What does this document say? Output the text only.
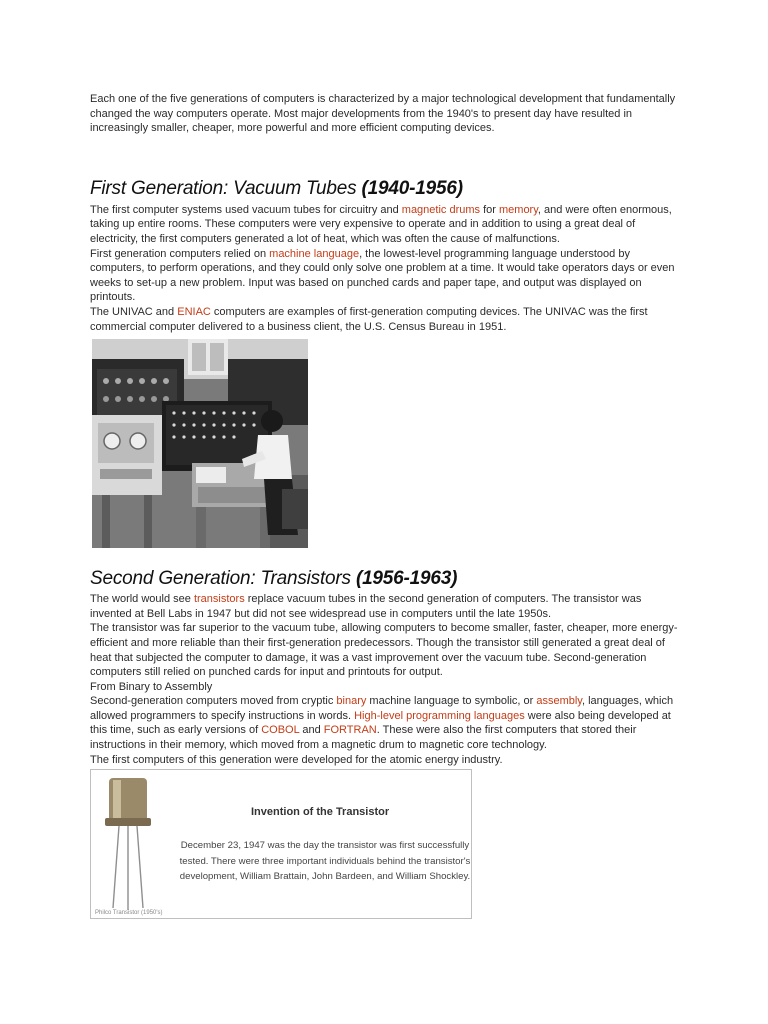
Each one of the five generations of computers is characterized by a major technological development that fundamentally changed the way computers operate. Most major developments from the 1940's to present day have resulted in increasingly smaller, cheaper, more powerful and more efficient computing devices.

First Generation: Vacuum Tubes (1940-1956)

The first computer systems used vacuum tubes for circuitry and magnetic drums for memory, and were often enormous, taking up entire rooms. These computers were very expensive to operate and in addition to using a great deal of electricity, the first computers generated a lot of heat, which was often the cause of malfunctions.

First generation computers relied on machine language, the lowest-level programming language understood by computers, to perform operations, and they could only solve one problem at a time. It would take operators days or even weeks to set-up a new problem. Input was based on punched cards and paper tape, and output was displayed on printouts.

The UNIVAC and ENIAC computers are examples of first-generation computing devices. The UNIVAC was the first commercial computer delivered to a business client, the U.S. Census Bureau in 1951.

Second Generation: Transistors (1956-1963)

The world would see transistors replace vacuum tubes in the second generation of computers. The transistor was invented at Bell Labs in 1947 but did not see widespread use in computers until the late 1950s.

The transistor was far superior to the vacuum tube, allowing computers to become smaller, faster, cheaper, more energy-efficient and more reliable than their first-generation predecessors. Though the transistor still generated a great deal of heat that subjected the computer to damage, it was a vast improvement over the vacuum tube. Second-generation computers still relied on punched cards for input and printouts for output.

From Binary to Assembly

Second-generation computers moved from cryptic binary machine language to symbolic, or assembly, languages, which allowed programmers to specify instructions in words. High-level programming languages were also being developed at this time, such as early versions of COBOL and FORTRAN. These were also the first computers that stored their instructions in their memory, which moved from a magnetic drum to magnetic core technology.

The first computers of this generation were developed for the atomic energy industry.

Invention of the Transistor

December 23, 1947 was the day the transistor was first successfully tested. There were three important individuals behind the transistor's development, William Brattain, John Bardeen, and William Shockley.

Philco Transistor (1950's)
